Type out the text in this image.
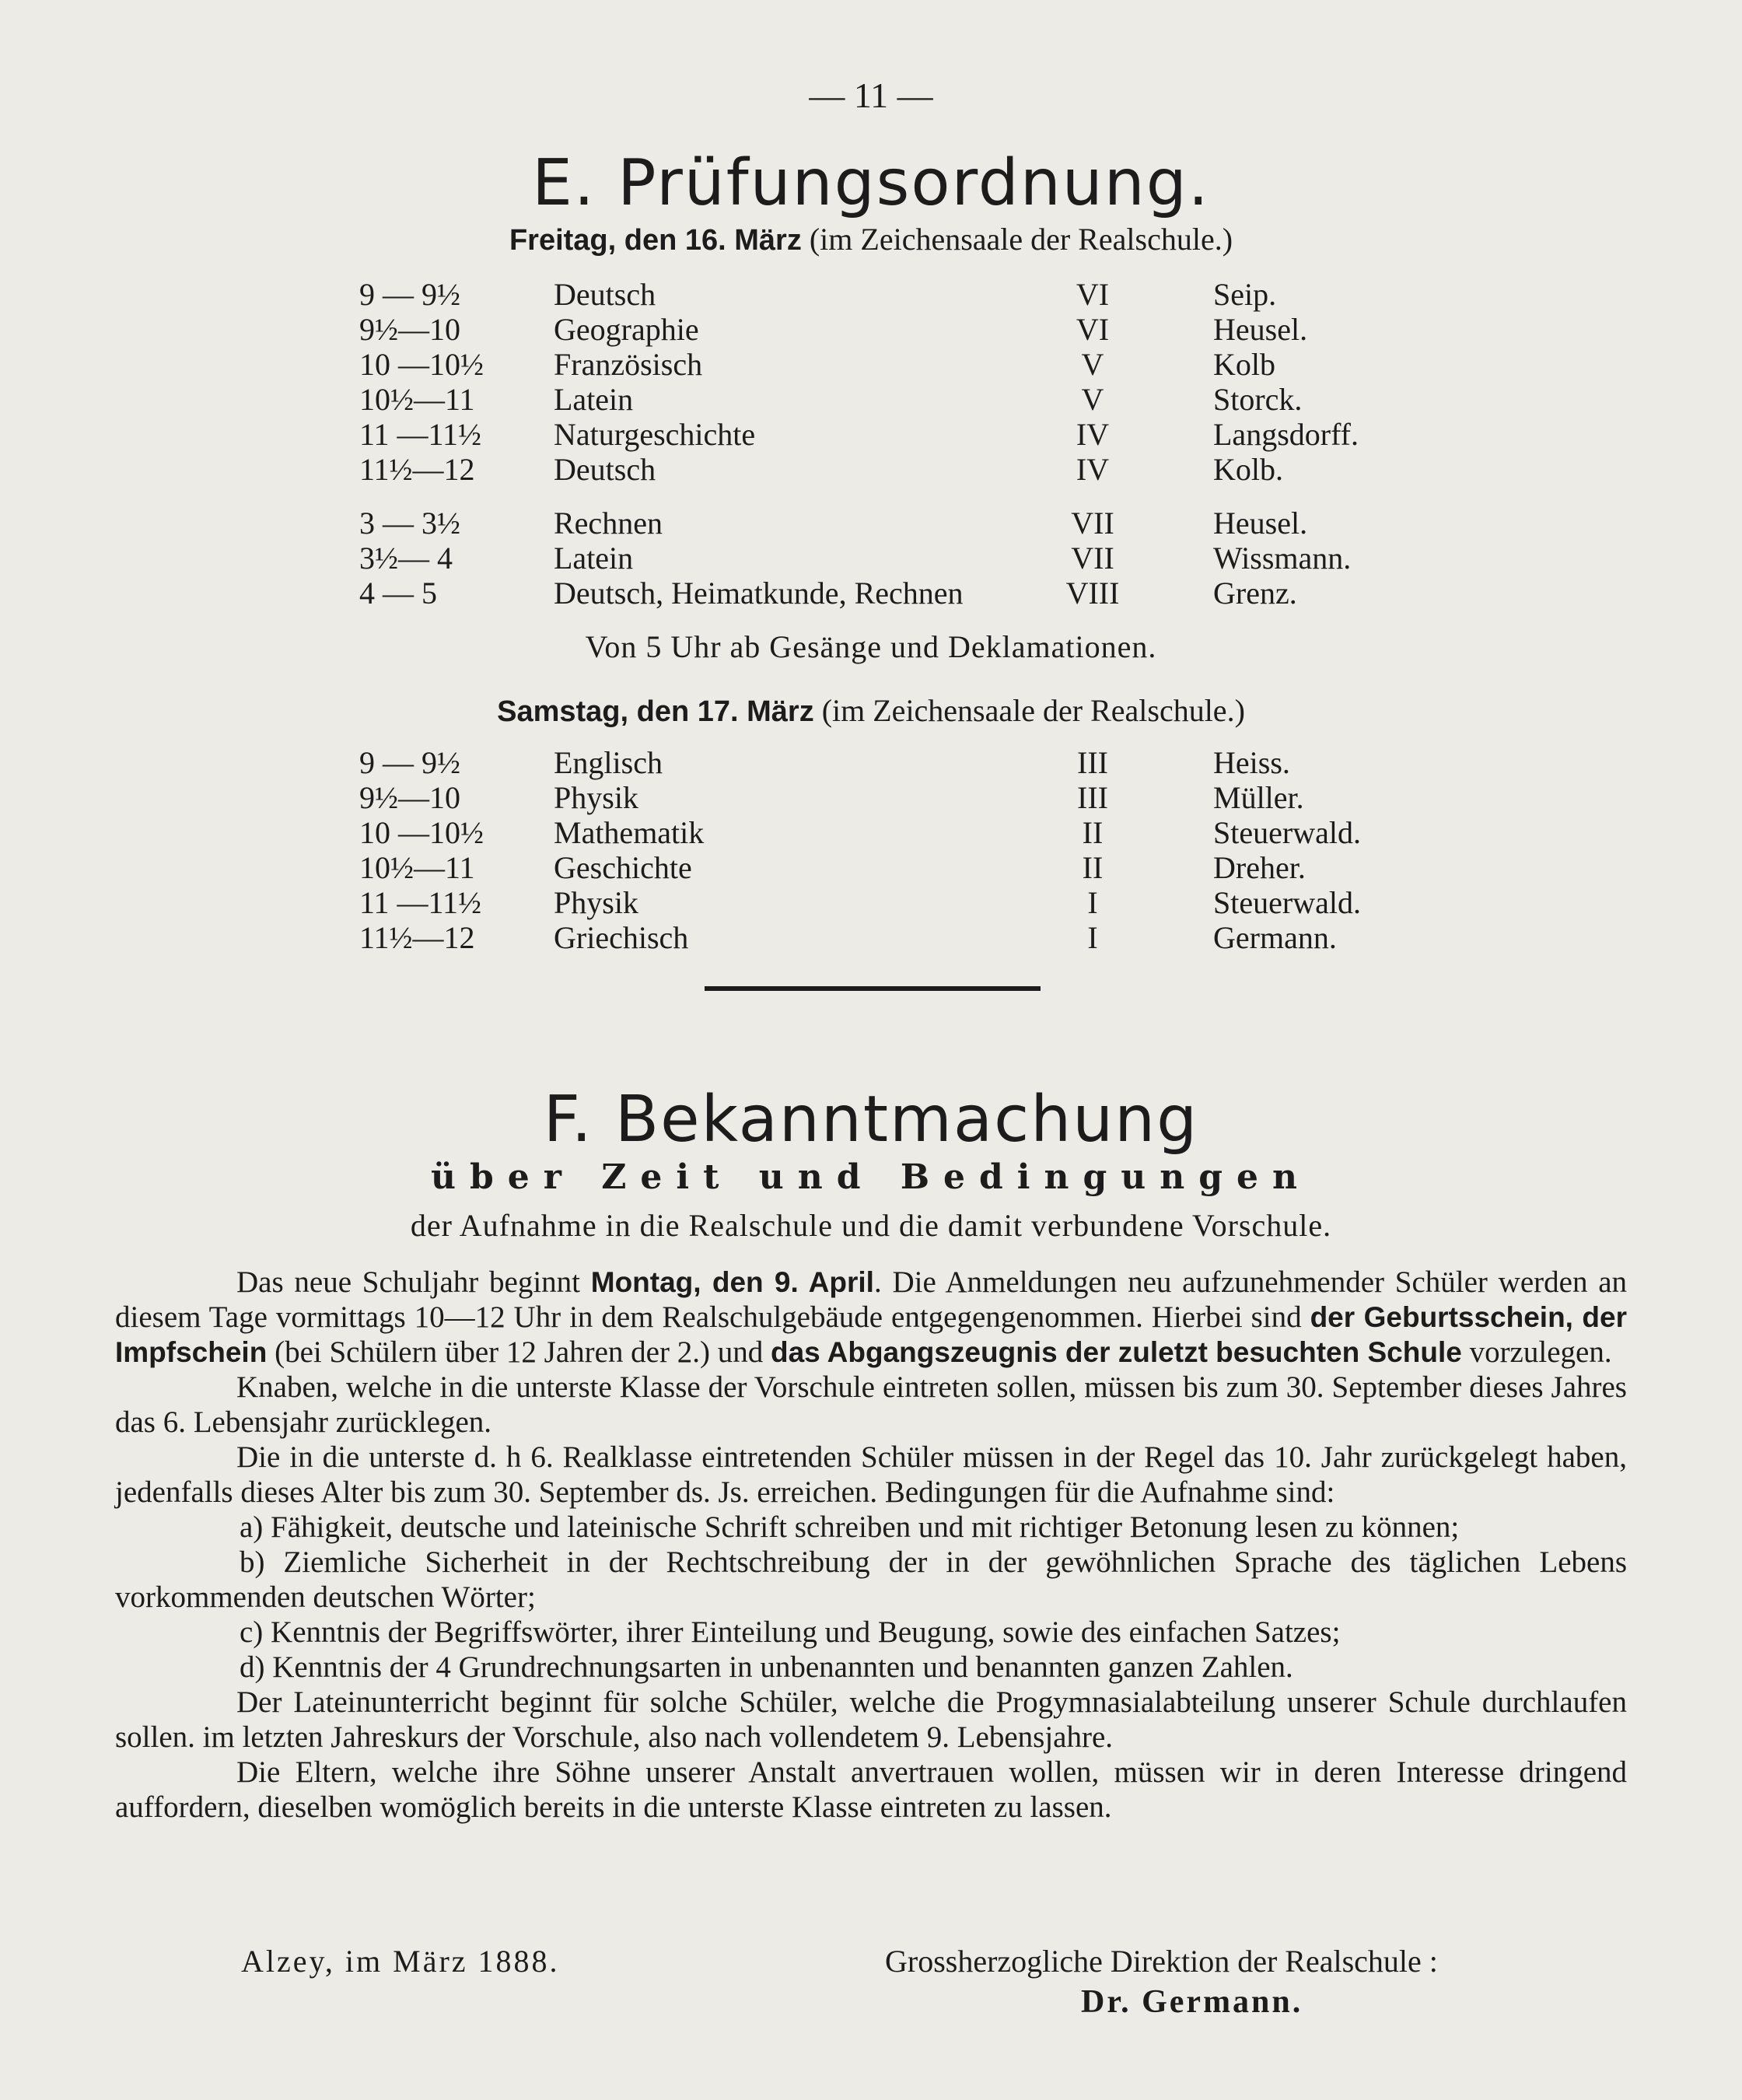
— 11 —
E. Prüfungsordnung.
Freitag, den 16. März (im Zeichensaale der Realschule.)
9 — 9½	Deutsch	VI	Seip.
9½—10	Geographie	VI	Heusel.
10 —10½ Französisch	V	Kolb
10½—11	Latein	V	Storck.
11 —11½ Naturgeschichte	IV	Langsdorff.
11½—12	Deutsch	IV	Kolb.
3 — 3½	Rechnen	VII	Heusel.
3½— 4	Latein	VII	Wissmann.
4 — 5	Deutsch, Heimatkunde, Rechnen	VIII	Grenz.
Von 5 Uhr ab Gesänge und Deklamationen.
Samstag, den 17. März (im Zeichensaale der Realschule.)
9 — 9½	Englisch	III	Heiss.
9½—10	Physik	III	Müller.
10 —10½ Mathematik	II	Steuerwald.
10½—11	Geschichte	II	Dreher.
11 —11½ Physik	I	Steuerwald.
11½—12	Griechisch	I	Germann.
F. Bekanntmachung
über Zeit und Bedingungen
der Aufnahme in die Realschule und die damit verbundene Vorschule.

Das neue Schuljahr beginnt Montag, den 9. April. Die Anmeldungen neu aufzunehmender Schüler werden an diesem Tage vormittags 10—12 Uhr in dem Realschulgebäude entgegengenommen. Hierbei sind der Geburtsschein, der Impfschein (bei Schülern über 12 Jahren der 2.) und das Abgangszeugnis der zuletzt besuchten Schule vorzulegen.

Knaben, welche in die unterste Klasse der Vorschule eintreten sollen, müssen bis zum 30. September dieses Jahres das 6. Lebensjahr zurücklegen.

Die in die unterste d. h 6. Realklasse eintretenden Schüler müssen in der Regel das 10. Jahr zurückgelegt haben, jedenfalls dieses Alter bis zum 30. September ds. Js. erreichen. Bedingungen für die Aufnahme sind:

a) Fähigkeit, deutsche und lateinische Schrift schreiben und mit richtiger Betonung lesen zu können;

b) Ziemliche Sicherheit in der Rechtschreibung der in der gewöhnlichen Sprache des täglichen Lebens vorkommenden deutschen Wörter;

c) Kenntnis der Begriffswörter, ihrer Einteilung und Beugung, sowie des einfachen Satzes;

d) Kenntnis der 4 Grundrechnungsarten in unbenannten und benannten ganzen Zahlen.

Der Lateinunterricht beginnt für solche Schüler, welche die Progymnasialabteilung unserer Schule durchlaufen sollen. im letzten Jahreskurs der Vorschule, also nach vollendetem 9. Lebensjahre.

Die Eltern, welche ihre Söhne unserer Anstalt anvertrauen wollen, müssen wir in deren Interesse dringend auffordern, dieselben womöglich bereits in die unterste Klasse eintreten zu lassen.

Alzey, im März 1888.	Grossherzogliche Direktion der Realschule :
Dr. Germann.
